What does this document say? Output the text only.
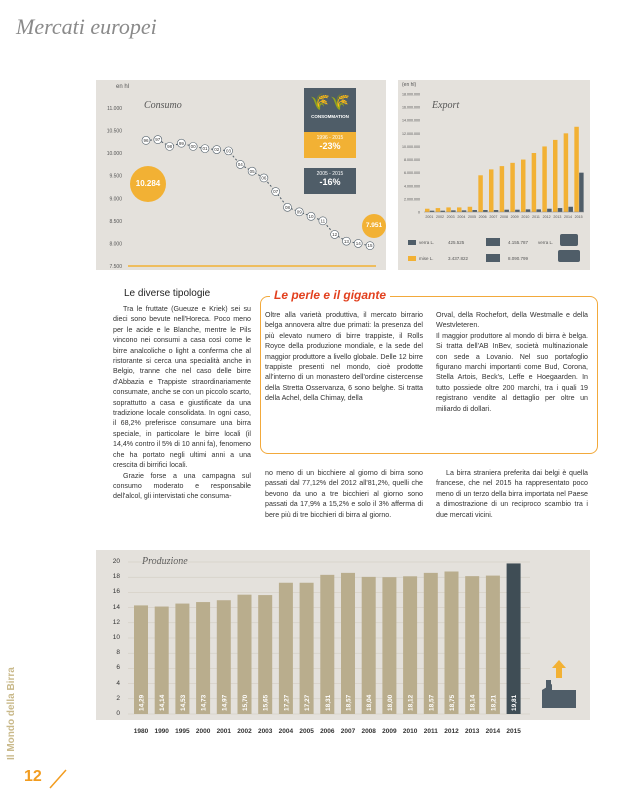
Mercati europei
en hl
Consumo
11.000
10.500
10.000
9.500
9.000
8.500
8.000
7.500
96 97
98
99
00 01 02 03
04
05
06
07
08
09
10
11
12
13 14 15
🌾🌾
CONSOMMATION
1996 - 2015
-23%
2005 - 2015
-16%
10.284
7.951
(en hl)
Export
18.000.000
16.000.000
14.000.000
12.000.000
10.000.000
8.000.000
6.000.000
4.000.000
2.000.000
0
2001 2002 2003 2004 2005 2006 2007 2008 2009 2010 2011 2012 2013 2014 2015
verra L.	425.525	4.155.787 verra L.
mise L.	3.437.822	8.090.799
Le diverse tipologie	Le perle e il gigante

Tra le fruttate (Gueuze e Kriek) sei su dieci sono bevute nell'Horeca. Poco meno per le acide e le Blanche, mentre le Pils vincono nei consumi a casa così come le birre analcoliche o light a conferma che al ristorante si cerca una specialità anche in Belgio, tranne che nel caso delle birre d'Abbazia e Trappiste straordinariamente consumate, anche se con un piccolo scarto, soprattutto a casa e giustificate da una tradizione locale consolidata. In ogni caso, il 68,2% preferisce consumare una birra speciale, in particolare le birre locali (il 14,4% contro il 5% di 10 anni fa), fenomeno che ha portato negli ultimi anni a una crescita di birrifici locali.

Grazie forse a una campagna sul consumo moderato e responsabile dell'alcol, gli intervistati che consuma-

Oltre alla varietà produttiva, il mercato birrario belga annovera altre due primati: la presenza del più elevato numero di birre trappiste, il Rolls Royce della produzione mondiale, e la sede del maggior produttore a livello globale. Delle 12 birre trappiste presenti nel mondo, cioè prodotte all'interno di un monastero dell'ordine cistercense della Stretta Osservanza, 6 sono belghe. Si tratta della Achel, della Chimay, della

no meno di un bicchiere al giorno di birra sono passati dal 77,12% del 2012 all'81,2%, quelli che bevono da uno a tre bicchieri al giorno sono passati da 17,9% a 15,2% e solo il 3% afferma di bere più di tre bicchieri di birra al giorno.

Orval, della Rochefort, della Westmalle e della Westvleteren.

Il maggior produttore al mondo di birra è belga. Si tratta dell'AB InBev, società multinazionale con sede a Lovanio. Nel suo portafoglio figurano marchi importanti come Bud, Corona, Stella Artois, Beck's, Leffe e Hoegaarden. In tutto possiede oltre 200 marchi, tra i quali 19 registrano vendite al dettaglio per oltre un miliardo di dollari.

La birra straniera preferita dai belgi è quella francese, che nel 2015 ha rappresentato poco meno di un terzo della birra importata nel Paese a dimostrazione di un reciproco scambio tra i due mercati vicini.

Produzione
14,29 14,14 14,53 14,73 14,97 15,70 15,65 17,27 17,27 18,31 18,57 18,04 18,00 18,12 18,57 18,75 18,14 18,21 19,81
20
18
16
14
12
10
8
6
4
2
0
1980 1990 1995 2000 2001 2002 2003 2004 2005 2006 2007 2008 2009 2010 2011 2012 2013 2014 2015
Il Mondo della Birra
12
